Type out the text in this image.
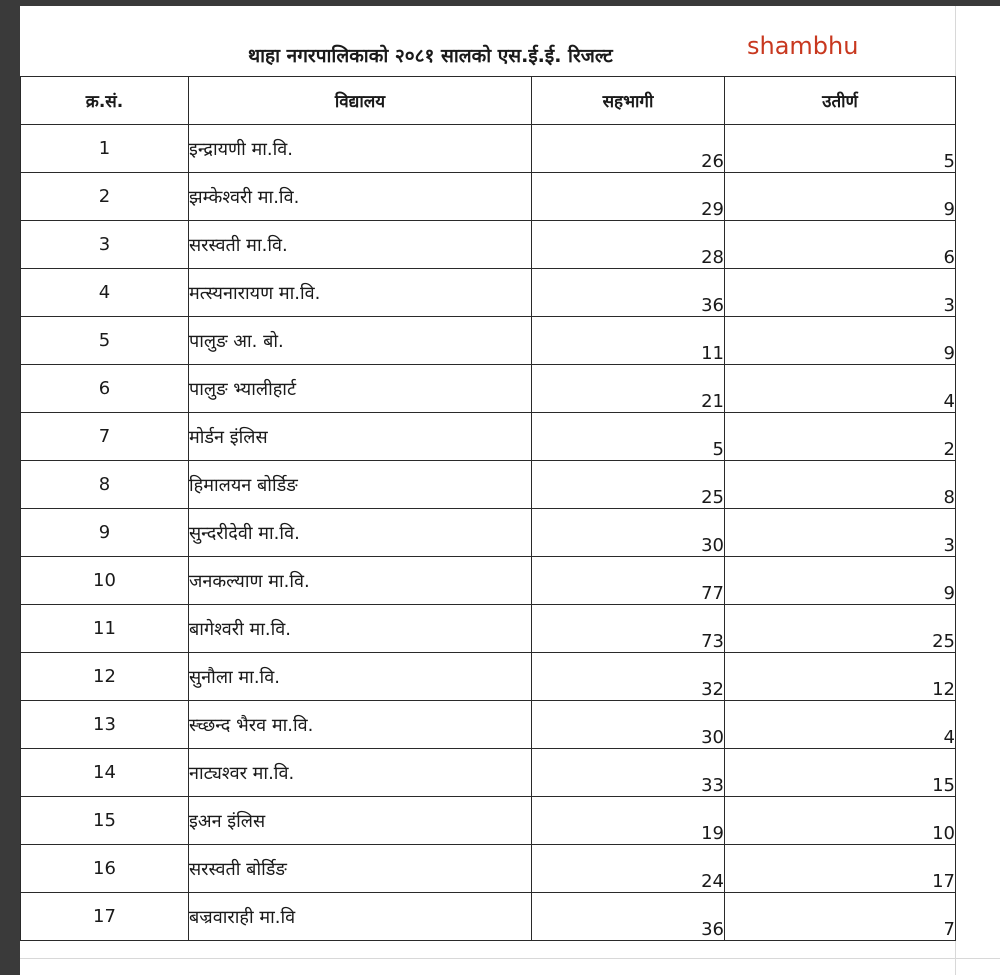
थाहा नगरपालिकाको २०८१ सालको एस.ई.ई. रिजल्ट	shambhu
क्र.सं.	विद्यालय	सहभागी	उतीर्ण
1	इन्द्रायणी मा.वि.	26	5
2	झम्केश्वरी मा.वि.	29	9
3	सरस्वती मा.वि.	28	6
4	मत्स्यनारायण मा.वि.	36	3
5	पालुङ आ. बो.	11	9
6	पालुङ भ्यालीहार्ट	21	4
7	मोर्डन इंलिस	5	2
8	हिमालयन बोर्डिङ	25	8
9	सुन्दरीदेवी मा.वि.	30	3
10	जनकल्याण मा.वि.	77	9
11	बागेश्वरी मा.वि.	73	25
12	सुनौला मा.वि.	32	12
13	स्च्छन्द भैरव मा.वि.	30	4
14	नाट्यश्वर मा.वि.	33	15
15	इअन इंलिस	19	10
16	सरस्वती बोर्डिङ	24	17
17	बज्रवाराही मा.वि	36	7
